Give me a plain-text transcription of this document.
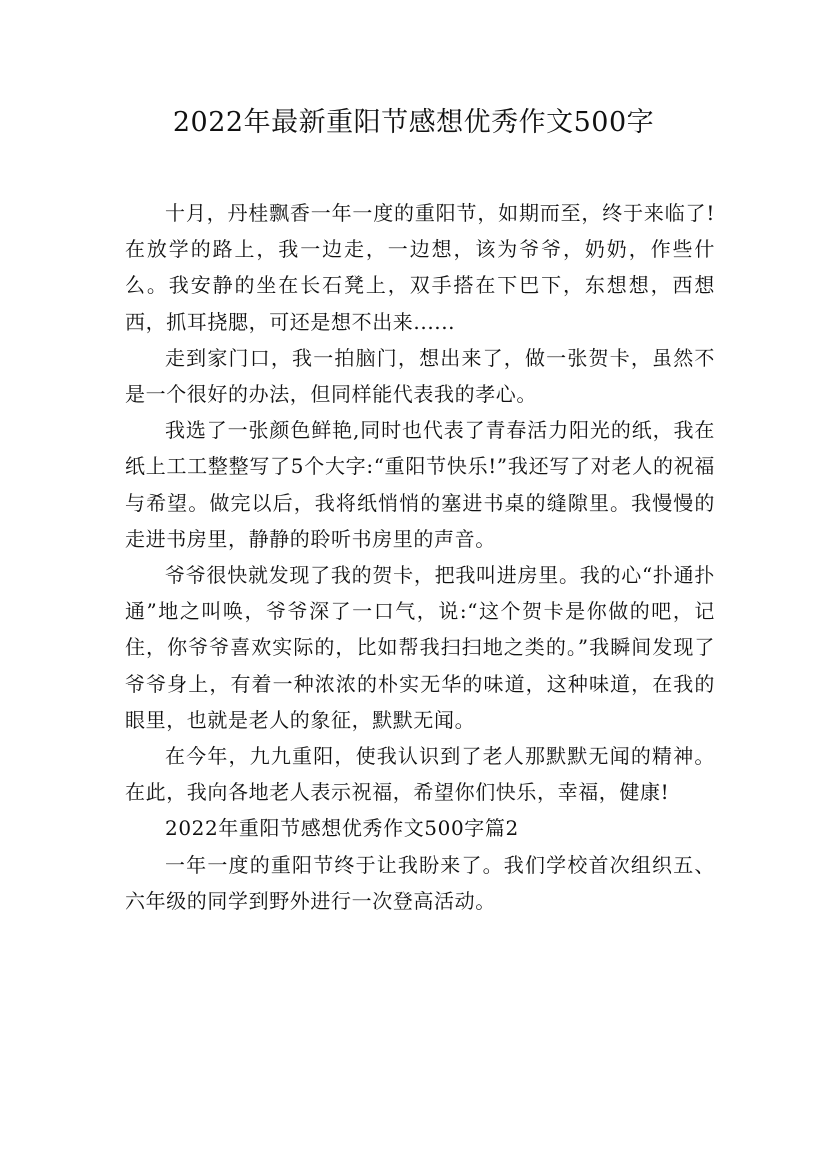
2022年最新重阳节感想优秀作文500字

十月，丹桂飘香一年一度的重阳节，如期而至，终于来临了!在放学的路上，我一边走，一边想，该为爷爷，奶奶，作些什么。我安静的坐在长石凳上，双手搭在下巴下，东想想，西想西，抓耳挠腮，可还是想不出来......

走到家门口，我一拍脑门，想出来了，做一张贺卡，虽然不是一个很好的办法，但同样能代表我的孝心。

我选了一张颜色鲜艳,同时也代表了青春活力阳光的纸，我在纸上工工整整写了5个大字:“重阳节快乐!”我还写了对老人的祝福与希望。做完以后，我将纸悄悄的塞进书桌的缝隙里。我慢慢的走进书房里，静静的聆听书房里的声音。

爷爷很快就发现了我的贺卡，把我叫进房里。我的心“扑通扑通”地之叫唤，爷爷深了一口气，说:“这个贺卡是你做的吧，记住，你爷爷喜欢实际的，比如帮我扫扫地之类的。”我瞬间发现了爷爷身上，有着一种浓浓的朴实无华的味道，这种味道，在我的眼里，也就是老人的象征，默默无闻。

在今年，九九重阳，使我认识到了老人那默默无闻的精神。在此，我向各地老人表示祝福，希望你们快乐，幸福，健康!

2022年重阳节感想优秀作文500字篇2

一年一度的重阳节终于让我盼来了。我们学校首次组织五、六年级的同学到野外进行一次登高活动。
